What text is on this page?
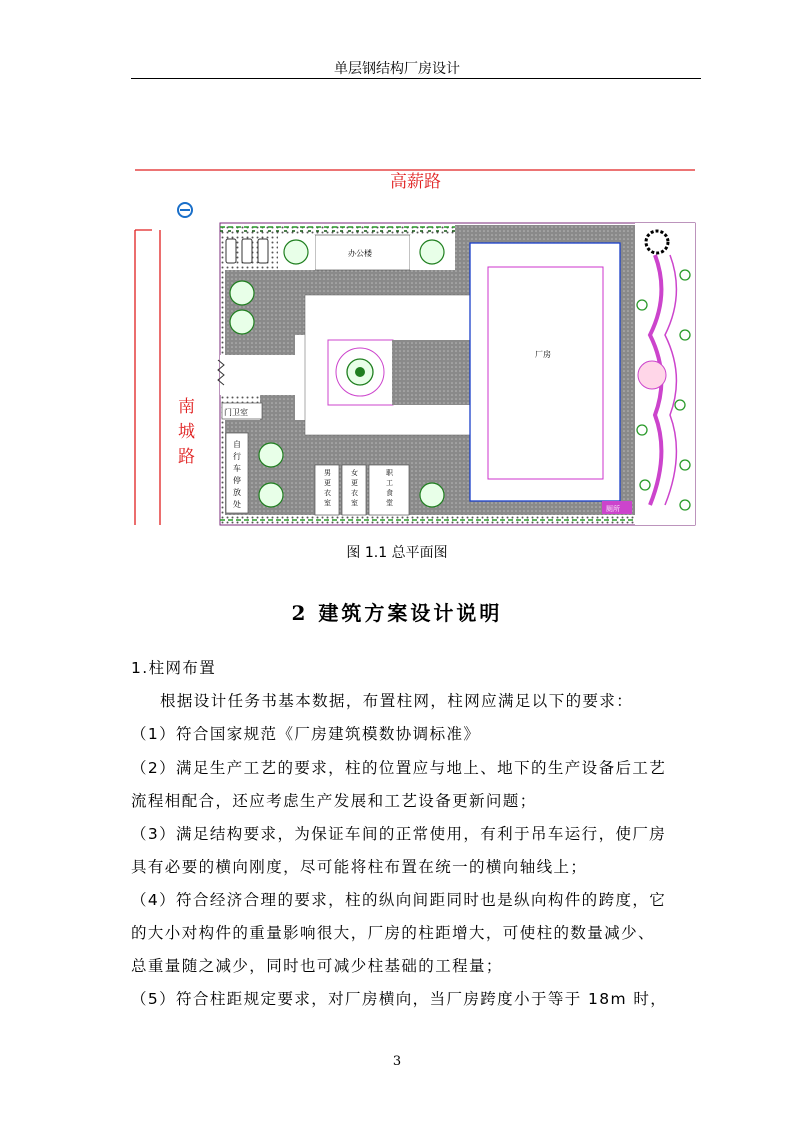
单层钢结构厂房设计
高薪路
南
城
路
厂房
办公楼
门卫室
自
行
车
停
放
处
男
更
衣
室
女
更
衣
室
职
工
食
堂
厕所
图 1.1 总平面图
2 建筑方案设计说明
1.柱网布置
根据设计任务书基本数据，布置柱网，柱网应满足以下的要求：
（1）符合国家规范《厂房建筑模数协调标准》
（2）满足生产工艺的要求，柱的位置应与地上、地下的生产设备后工艺
流程相配合，还应考虑生产发展和工艺设备更新问题；
（3）满足结构要求，为保证车间的正常使用，有利于吊车运行，使厂房
具有必要的横向刚度，尽可能将柱布置在统一的横向轴线上；
（4）符合经济合理的要求，柱的纵向间距同时也是纵向构件的跨度，它
的大小对构件的重量影响很大，厂房的柱距增大，可使柱的数量减少、
总重量随之减少，同时也可减少柱基础的工程量；
（5）符合柱距规定要求，对厂房横向，当厂房跨度小于等于 18m 时，
3
